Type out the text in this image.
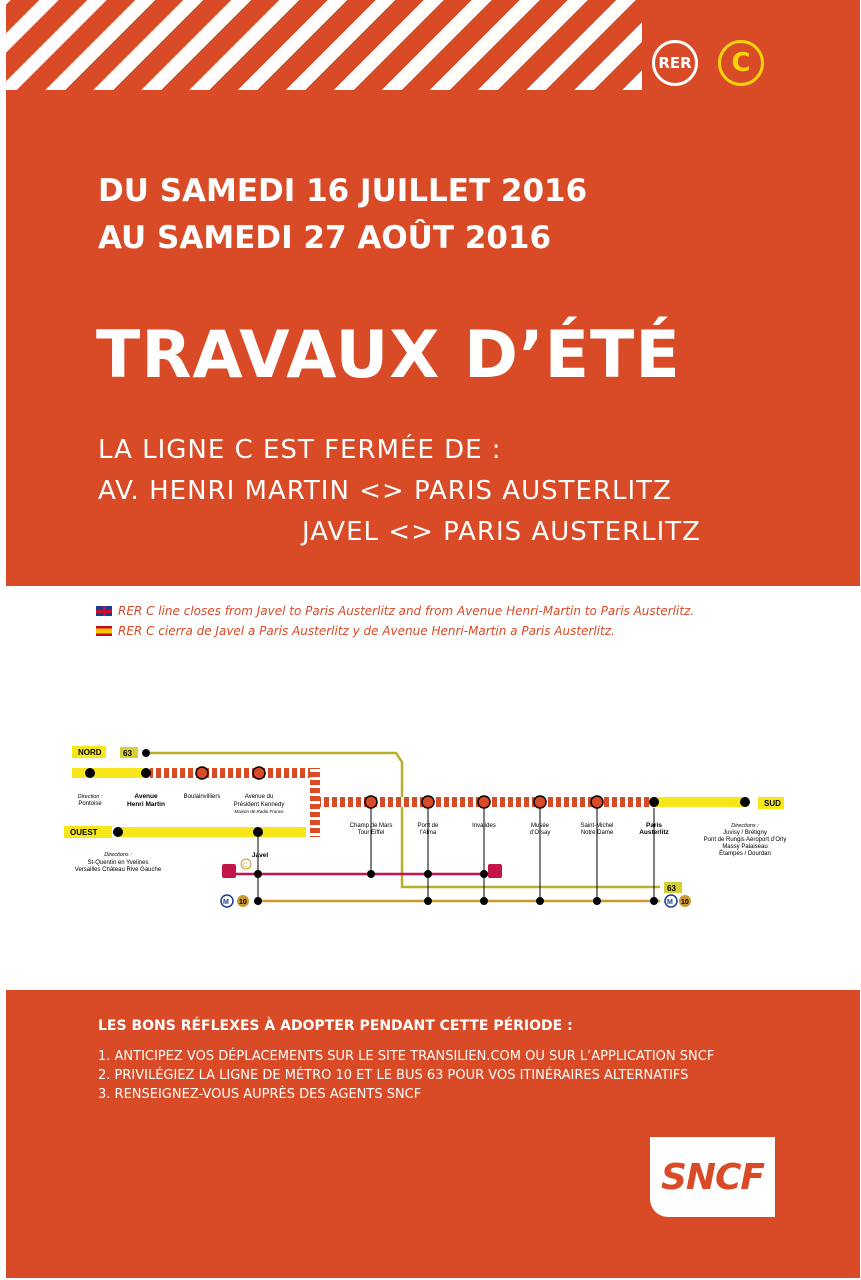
RER C
DU SAMEDI 16 JUILLET 2016
AU SAMEDI 27 AOÛT 2016
TRAVAUX D’ÉTÉ
LA LIGNE C EST FERMÉE DE :
AV. HENRI MARTIN <> PARIS AUSTERLITZ
JAVEL <> PARIS AUSTERLITZ
RER C line closes from Javel to Paris Austerlitz and from Avenue Henri-Martin to Paris Austerlitz.
RER C cierra de Javel a Paris Austerlitz y de Avenue Henri-Martin a Paris Austerlitz.
NORD
OUEST
SUD
63
63
C
M 10	M 10
Direction :
Pontoise
Avenue
Henri Martin
Boulainvilliers	Avenue du
Président Kennedy
Maison de Radio France
Javel
Champ de Mars
Tour Eiffel
Pont de
l’Alma
Invalides	Musée
d’Orsay
Saint-Michel
Notre Dame
Paris
Austerlitz
Directions :
St-Quentin en Yvelines
Versailles Château Rive Gauche
Directions :
Juvisy / Brétigny
Pont de Rungis Aéroport d’Orly
Massy Palaiseau
Étampes / Dourdan
LES BONS RÉFLEXES À ADOPTER PENDANT CETTE PÉRIODE :
1. ANTICIPEZ VOS DÉPLACEMENTS SUR LE SITE TRANSILIEN.COM OU SUR L’APPLICATION SNCF
2. PRIVILÉGIEZ LA LIGNE DE MÉTRO 10 ET LE BUS 63 POUR VOS ITINÉRAIRES ALTERNATIFS
3. RENSEIGNEZ-VOUS AUPRÈS DES AGENTS SNCF
SNCF
